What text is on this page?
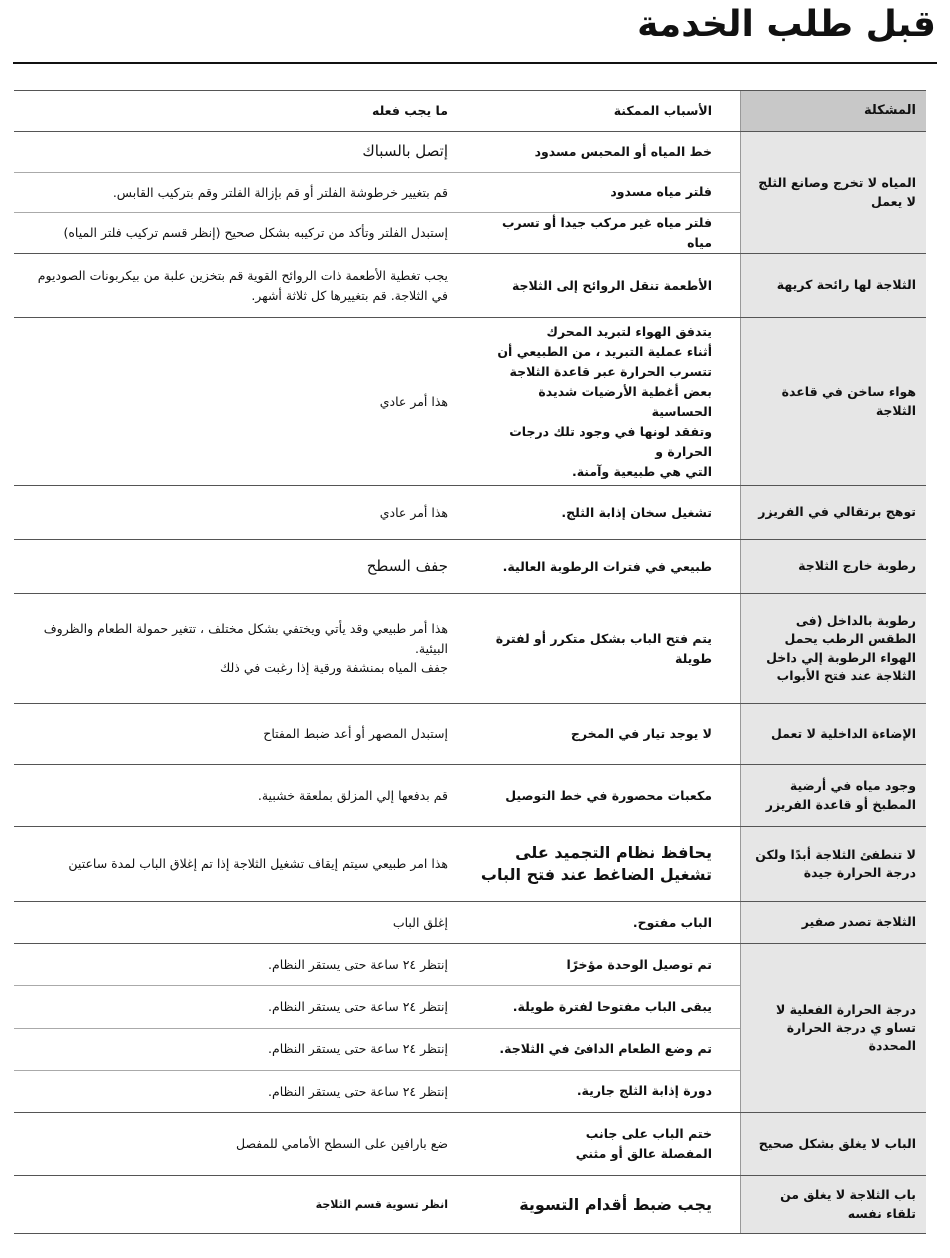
قبل طلب الخدمة
المشكلة
الأسباب الممكنة
ما يجب فعله
المياه لا تخرج وصانع الثلج لا يعمل
خط المياه أو المحبس مسدود
إتصل بالسباك
فلتر مياه مسدود
قم بتغيير خرطوشة الفلتر أو قم بإزالة الفلتر وقم بتركيب القابس.
فلتر مياه غير مركب جيدا أو تسرب مياه
إستبدل الفلتر وتأكد من تركيبه بشكل صحيح (إنظر قسم تركيب فلتر المياه)
الثلاجة لها رائحة كريهة
الأطعمة تنقل الروائح إلى الثلاجة
يجب تغطية الأطعمة ذات الروائح القوية قم بتخزين علبة من بيكربونات الصوديوم في الثلاجة. قم بتغييرها كل ثلاثة أشهر.
هواء ساخن في قاعدة الثلاجة
يتدفق الهواء لتبريد المحرك
أثناء عملية التبريد ، من الطبيعي أن
تتسرب الحرارة عبر قاعدة الثلاجة
بعض أغطية الأرضيات شديدة الحساسية
وتفقد لونها في وجود تلك درجات الحرارة و
التي هي طبيعية وآمنة.
هذا أمر عادي
توهج برتقالي في الفريزر
تشغيل سخان إذابة الثلج.
هذا أمر عادي
رطوبة خارج الثلاجة
طبيعي في فترات الرطوبة العالية.
جفف السطح
رطوبة بالداخل (فى الطقس الرطب يحمل الهواء الرطوبة إلي داخل الثلاجة عند فتح الأبواب
يتم فتح الباب بشكل متكرر أو لفترة طويلة
هذا أمر طبيعي وقد يأتي ويختفي بشكل مختلف ، تتغير حمولة الطعام والظروف البيئية.
جفف المياه بمنشفة ورقية إذا رغبت في ذلك
الإضاءة الداخلية لا تعمل
لا يوجد تيار في المخرج
إستبدل المصهر أو أعد ضبط المفتاح
وجود مياه في أرضية المطبخ أو قاعدة الفريزر
مكعبات محصورة في خط التوصيل
قم بدفعها إلي المزلق بملعقة خشبية.
لا تنطفئ الثلاجة أبدًا ولكن درجة الحرارة جيدة
يحافظ نظام التجميد على تشغيل الضاغط عند فتح الباب
هذا امر طبيعي سيتم إيقاف تشغيل الثلاجة إذا تم إغلاق الباب لمدة ساعتين
الثلاجة تصدر صفير
الباب مفتوح.
إغلق الباب
درجة الحرارة الفعلية لا تساو ي درجة الحرارة المحددة
تم توصيل الوحدة مؤخرًا
إنتظر ٢٤ ساعة حتى يستقر النظام.
يبقى الباب مفتوحا لفترة طويلة.
إنتظر ٢٤ ساعة حتى يستقر النظام.
تم وضع الطعام الدافئ في الثلاجة.
إنتظر ٢٤ ساعة حتى يستقر النظام.
دورة إذابة الثلج جارية.
إنتظر ٢٤ ساعة حتى يستقر النظام.
الباب لا يغلق بشكل صحيح
ختم الباب على جانب
المفصلة عالق أو مثني
ضع بارافين على السطح الأمامي للمفصل
باب الثلاجة لا يغلق من تلقاء نفسه
يجب ضبط أقدام التسوية
انظر تسوية قسم الثلاجة
